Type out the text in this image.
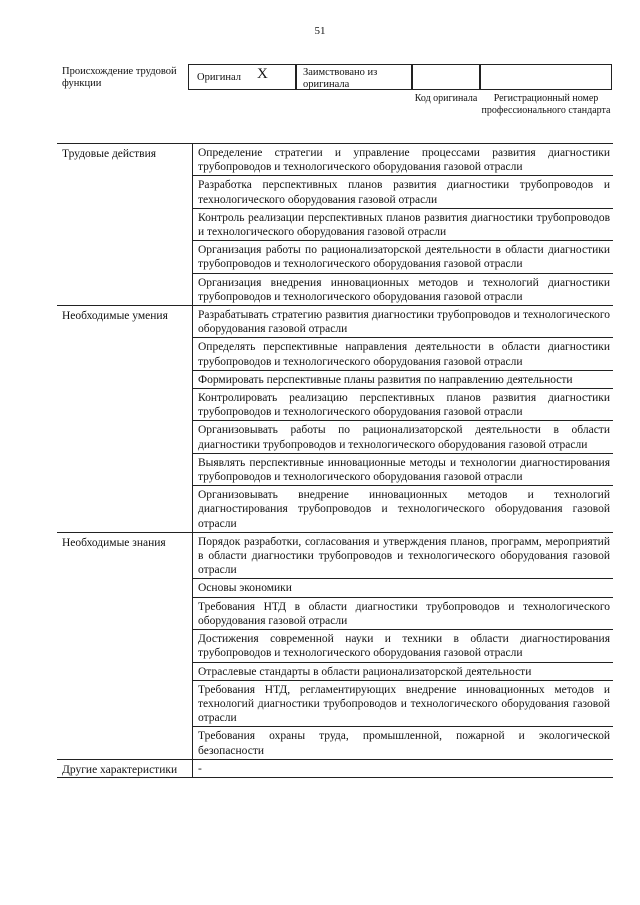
51
Происхождение трудовой функции
Оригинал X	Заимствовано из оригинала
Код оригинала	Регистрационный номер профессионального стандарта
Трудовые действия	Определение стратегии и управление процессами развития диагностики трубопроводов и технологического оборудования газовой отрасли
Разработка перспективных планов развития диагностики трубопроводов и технологического оборудования газовой отрасли
Контроль реализации перспективных планов развития диагностики трубопроводов и технологического оборудования газовой отрасли
Организация работы по рационализаторской деятельности в области диагностики трубопроводов и технологического оборудования газовой отрасли
Организация внедрения инновационных методов и технологий диагностики трубопроводов и технологического оборудования газовой отрасли
Необходимые умения	Разрабатывать стратегию развития диагностики трубопроводов и технологического оборудования газовой отрасли
Определять перспективные направления деятельности в области диагностики трубопроводов и технологического оборудования газовой отрасли
Формировать перспективные планы развития по направлению деятельности
Контролировать реализацию перспективных планов развития диагностики трубопроводов и технологического оборудования газовой отрасли
Организовывать работы по рационализаторской деятельности в области диагностики трубопроводов и технологического оборудования газовой отрасли
Выявлять перспективные инновационные методы и технологии диагностирования трубопроводов и технологического оборудования газовой отрасли
Организовывать внедрение инновационных методов и технологий диагностирования трубопроводов и технологического оборудования газовой отрасли
Необходимые знания	Порядок разработки, согласования и утверждения планов, программ, мероприятий в области диагностики трубопроводов и технологического оборудования газовой отрасли
Основы экономики
Требования НТД в области диагностики трубопроводов и технологического оборудования газовой отрасли
Достижения современной науки и техники в области диагностирования трубопроводов и технологического оборудования газовой отрасли
Отраслевые стандарты в области рационализаторской деятельности
Требования НТД, регламентирующих внедрение инновационных методов и технологий диагностики трубопроводов и технологического оборудования газовой отрасли
Требования охраны труда, промышленной, пожарной и экологической безопасности
Другие характеристики	-
